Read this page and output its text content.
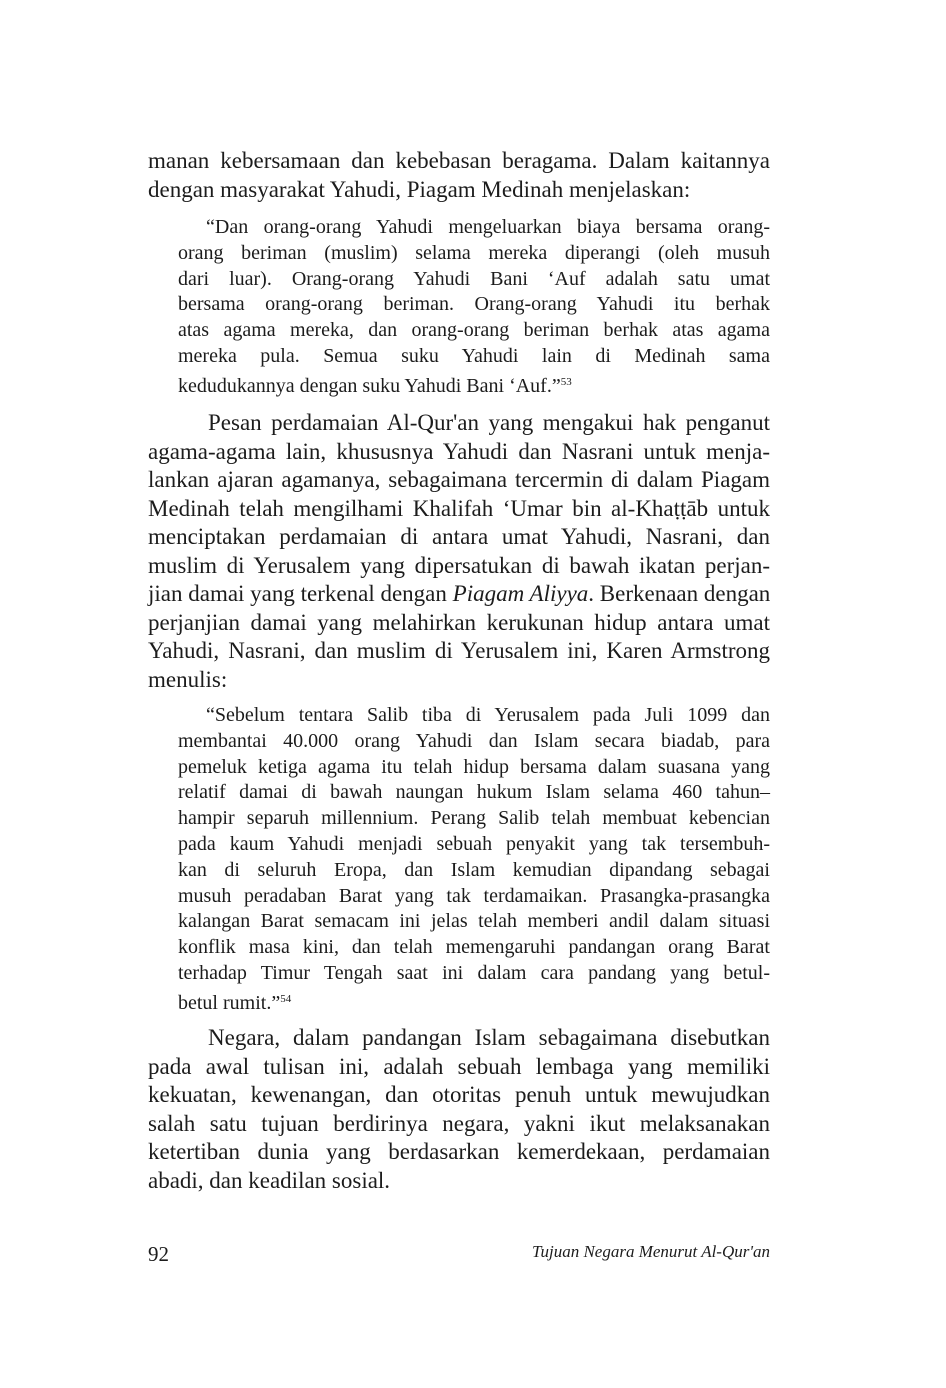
manan kebersamaan dan kebebasan beragama. Dalam kaitannya
dengan masyarakat Yahudi, Piagam Medinah menjelaskan:
“Dan orang-orang Yahudi mengeluarkan biaya bersama orang-
orang beriman (muslim) selama mereka diperangi (oleh musuh
dari luar). Orang-orang Yahudi Bani ‘Auf adalah satu umat
bersama orang-orang beriman. Orang-orang Yahudi itu berhak
atas agama mereka, dan orang-orang beriman berhak atas agama
mereka pula. Semua suku Yahudi lain di Medinah sama
kedudukannya dengan suku Yahudi Bani ‘Auf.”$^{53}$
Pesan perdamaian Al-Qur'an yang mengakui hak penganut
agama-agama lain, khususnya Yahudi dan Nasrani untuk menja-
lankan ajaran agamanya, sebagaimana tercermin di dalam Piagam
Medinah telah mengilhami Khalifah ‘Umar bin al-Khaṭṭāb untuk
menciptakan perdamaian di antara umat Yahudi, Nasrani, dan
muslim di Yerusalem yang dipersatukan di bawah ikatan perjan-
jian damai yang terkenal dengan Piagam Aliyya. Berkenaan dengan
perjanjian damai yang melahirkan kerukunan hidup antara umat
Yahudi, Nasrani, dan muslim di Yerusalem ini, Karen Armstrong
menulis:
“Sebelum tentara Salib tiba di Yerusalem pada Juli 1099 dan
membantai 40.000 orang Yahudi dan Islam secara biadab, para
pemeluk ketiga agama itu telah hidup bersama dalam suasana yang
relatif damai di bawah naungan hukum Islam selama 460 tahun–
hampir separuh millennium. Perang Salib telah membuat kebencian
pada kaum Yahudi menjadi sebuah penyakit yang tak tersembuh-
kan di seluruh Eropa, dan Islam kemudian dipandang sebagai
musuh peradaban Barat yang tak terdamaikan. Prasangka-prasangka
kalangan Barat semacam ini jelas telah memberi andil dalam situasi
konflik masa kini, dan telah memengaruhi pandangan orang Barat
terhadap Timur Tengah saat ini dalam cara pandang yang betul-
betul rumit.”$^{54}$
Negara, dalam pandangan Islam sebagaimana disebutkan
pada awal tulisan ini, adalah sebuah lembaga yang memiliki
kekuatan, kewenangan, dan otoritas penuh untuk mewujudkan
salah satu tujuan berdirinya negara, yakni ikut melaksanakan
ketertiban dunia yang berdasarkan kemerdekaan, perdamaian
abadi, dan keadilan sosial.
92	Tujuan Negara Menurut Al-Qur'an
